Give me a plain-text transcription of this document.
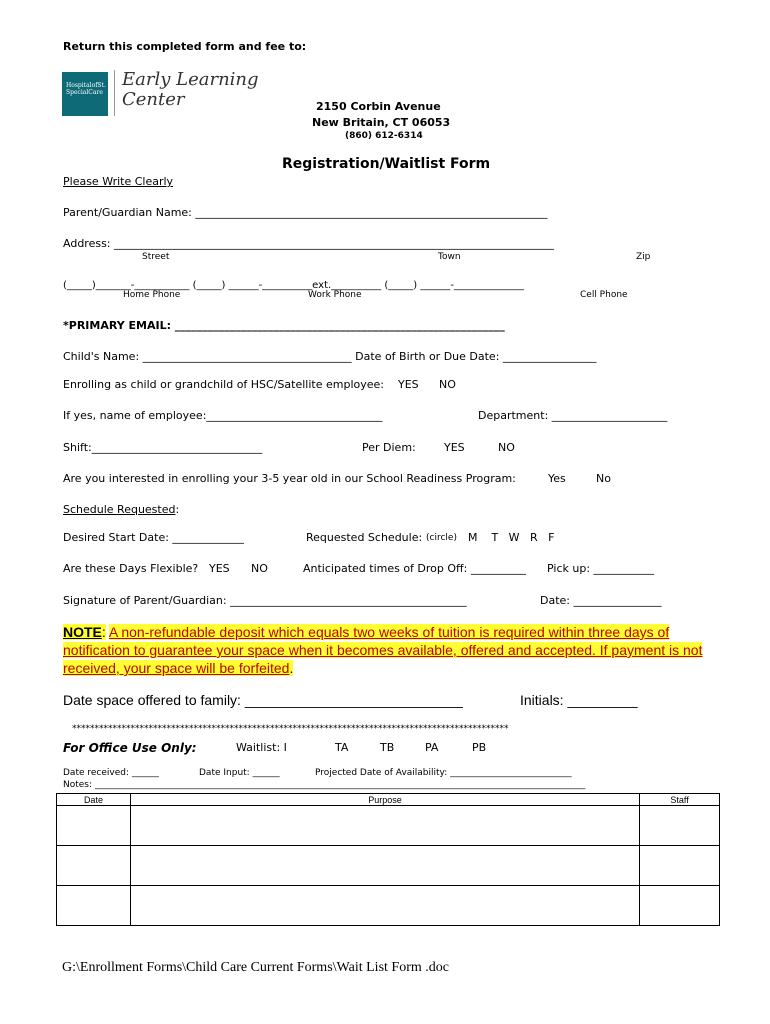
Return this completed form and fee to:
HospitalofSt. SpecialCare
Early Learning
Center	2150 Corbin Avenue
New Britain, CT 06053
(860) 612-6314
Registration/Waitlist Form
Please Write Clearly
Parent/Guardian Name: ________________________________________________________________
Address: ________________________________________________________________________________
Street	Town	Zip
(_____)_______-___________ (_____) ______-__________ext.__________ (_____) ______-______________
Home Phone	Work Phone	Cell Phone
*PRIMARY EMAIL: ____________________________________________________________
Child's Name: ______________________________________ Date of Birth or Due Date: _________________
Enrolling as child or grandchild of HSC/Satellite employee: YES NO
If yes, name of employee:________________________________	Department: _____________________
Shift:_______________________________	Per Diem:	YES	NO
Are you interested in enrolling your 3-5 year old in our School Readiness Program:	Yes	No
Schedule Requested:
Desired Start Date: _____________	Requested Schedule: (circle) M    T   W   R   F
Are these Days Flexible? YES NO	Anticipated times of Drop Off: __________ Pick up: ___________
Signature of Parent/Guardian: ___________________________________________	Date: ________________
NOTE: A non-refundable deposit which equals two weeks of tuition is required within three days of
notification to guarantee your space when it becomes available, offered and accepted. If payment is not
received, your space will be forfeited.
Date space offered to family: ____________________________	Initials: _________
*************************************************************************************************
For Office Use Only:	Waitlist: I	TA	TB	PA	PB
Date received: ______	Date Input: ______	Projected Date of Availability: ___________________________
Notes: _____________________________________________________________________________________________________________
Date	Purpose	Staff

G:\Enrollment Forms\Child Care Current Forms\Wait List Form .doc
